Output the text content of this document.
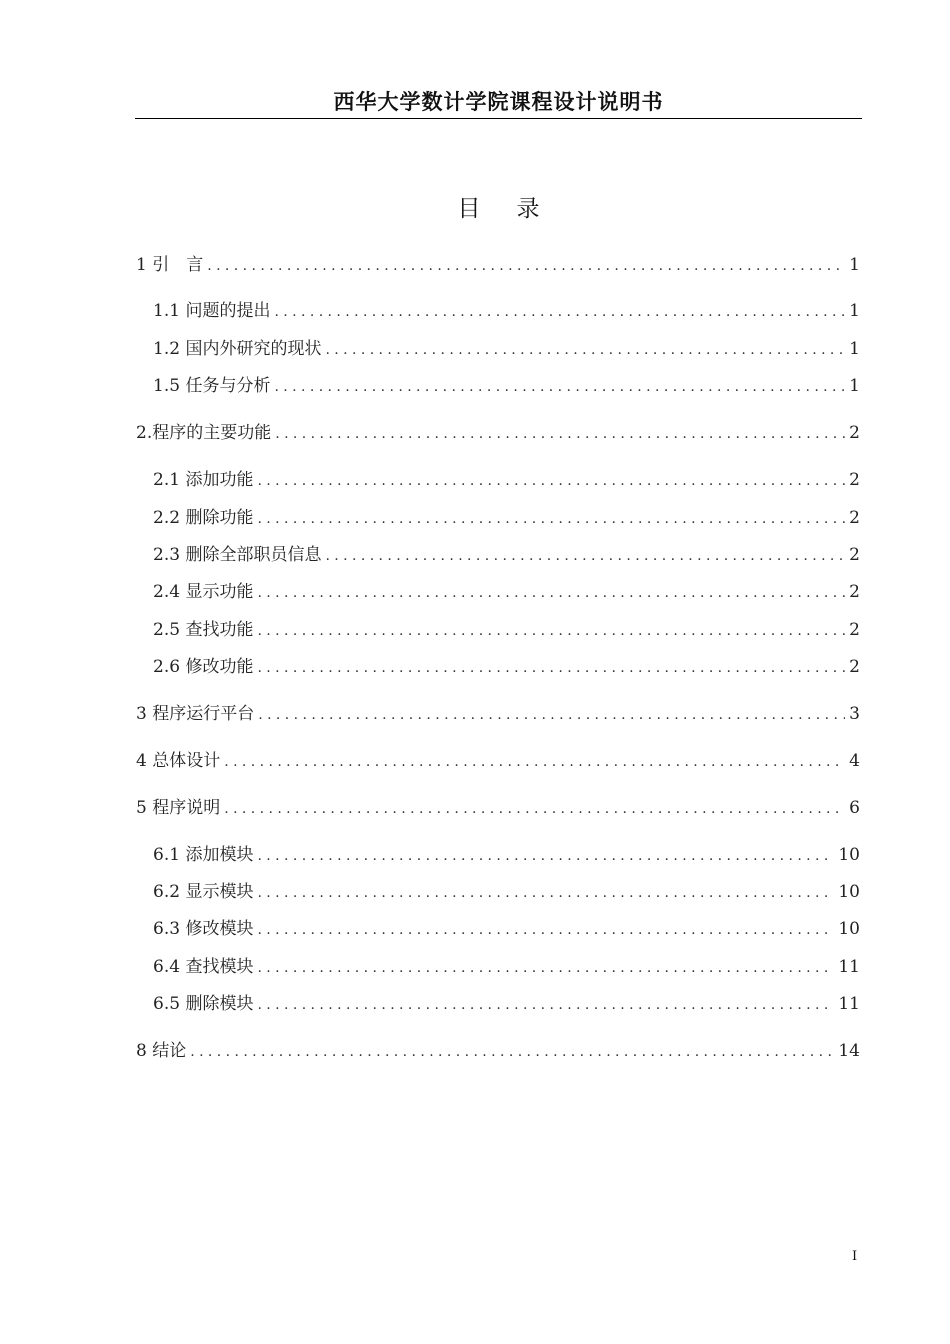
西华大学数计学院课程设计说明书
目录
1 引　言 .....	1
1.1 问题的提出 .....	1
1.2 国内外研究的现状 .....	1
1.5 任务与分析 .....	1
2.程序的主要功能 .....	2
2.1 添加功能 .....	2
2.2 删除功能 .....	2
2.3 删除全部职员信息 .....	2
2.4 显示功能 .....	2
2.5 查找功能 .....	2
2.6 修改功能 .....	2
3 程序运行平台 .....	3
4 总体设计 .....	4
5 程序说明 .....	6
6.1 添加模块 .....	10
6.2 显示模块 .....	10
6.3 修改模块 .....	10
6.4 查找模块 .....	11
6.5 删除模块 .....	11
8 结论 .....	14
I
